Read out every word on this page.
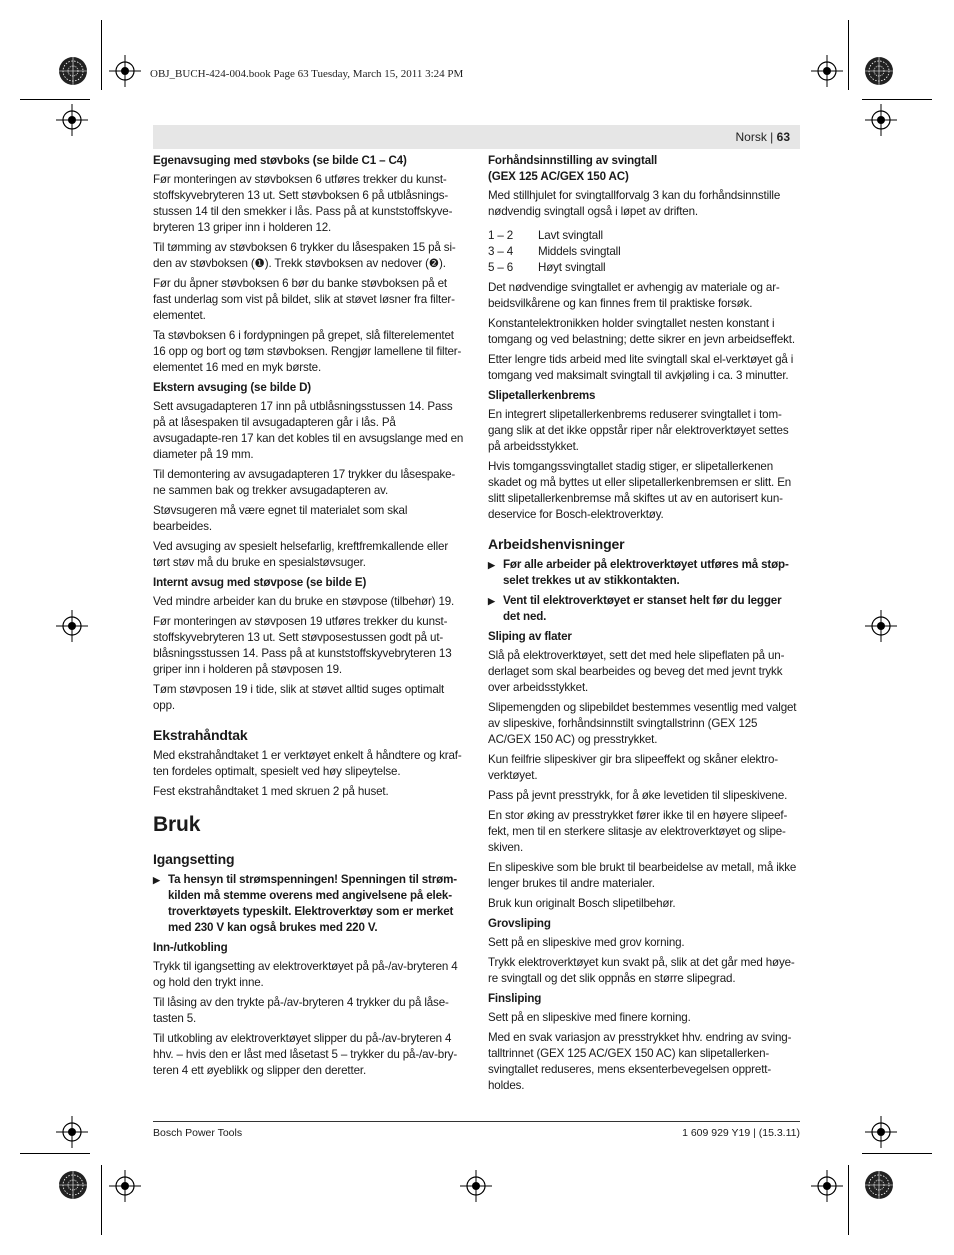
OBJ_BUCH-424-004.book Page 63 Tuesday, March 15, 2011 3:24 PM
Norsk | 63

Egenavsuging med støvboks (se bilde C1 – C4)

Før monteringen av støvboksen 6 utføres trekker du kunst-stoffskyvebryteren 13 ut. Sett støvboksen 6 på utblåsnings-stussen 14 til den smekker i lås. Pass på at kunststoffskyve-bryteren 13 griper inn i holderen 12.

Til tømming av støvboksen 6 trykker du låsespaken 15 på si-den av støvboksen (❶). Trekk støvboksen av nedover (❷).

Før du åpner støvboksen 6 bør du banke støvboksen på et fast underlag som vist på bildet, slik at støvet løsner fra filter-elementet.

Ta støvboksen 6 i fordypningen på grepet, slå filterelementet 16 opp og bort og tøm støvboksen. Rengjør lamellene til filter-elementet 16 med en myk børste.

Ekstern avsuging (se bilde D)

Sett avsugadapteren 17 inn på utblåsningsstussen 14. Pass på at låsespaken til avsugadapteren går i lås. På avsugadapte-ren 17 kan det kobles til en avsugslange med en diameter på 19 mm.

Til demontering av avsugadapteren 17 trykker du låsespake-ne sammen bak og trekker avsugadapteren av.

Støvsugeren må være egnet til materialet som skal bearbeides.

Ved avsuging av spesielt helsefarlig, kreftfremkallende eller tørt støv må du bruke en spesialstøvsuger.

Internt avsug med støvpose (se bilde E)

Ved mindre arbeider kan du bruke en støvpose (tilbehør) 19.

Før monteringen av støvposen 19 utføres trekker du kunst-stoffskyvebryteren 13 ut. Sett støvposestussen godt på ut-blåsningsstussen 14. Pass på at kunststoffskyvebryteren 13 griper inn i holderen på støvposen 19.

Tøm støvposen 19 i tide, slik at støvet alltid suges optimalt opp.

Ekstrahåndtak

Med ekstrahåndtaket 1 er verktøyet enkelt å håndtere og kraf-ten fordeles optimalt, spesielt ved høy slipeytelse.

Fest ekstrahåndtaket 1 med skruen 2 på huset.

Bruk
Igangsetting
▶ Ta hensyn til strømspenningen! Spenningen til strøm-kilden må stemme overens med angivelsene på elek-troverktøyets typeskilt. Elektroverktøy som er merket med 230 V kan også brukes med 220 V.

Inn-/utkobling

Trykk til igangsetting av elektroverktøyet på på-/av-bryteren 4 og hold den trykt inne.

Til låsing av den trykte på-/av-bryteren 4 trykker du på låse-tasten 5.

Til utkobling av elektroverktøyet slipper du på-/av-bryteren 4 hhv. – hvis den er låst med låsetast 5 – trykker du på-/av-bry-teren 4 ett øyeblikk og slipper den deretter.

Forhåndsinnstilling av svingtall
(GEX 125 AC/GEX 150 AC)

Med stillhjulet for svingtallforvalg 3 kan du forhåndsinnstille nødvendig svingtall også i løpet av driften.

1 – 2	Lavt svingtall
3 – 4	Middels svingtall
5 – 6	Høyt svingtall

Det nødvendige svingtallet er avhengig av materiale og ar-beidsvilkårene og kan finnes frem til praktiske forsøk.

Konstantelektronikken holder svingtallet nesten konstant i tomgang og ved belastning; dette sikrer en jevn arbeidseffekt.

Etter lengre tids arbeid med lite svingtall skal el-verktøyet gå i tomgang ved maksimalt svingtall til avkjøling i ca. 3 minutter.

Slipetallerkenbrems

En integrert slipetallerkenbrems reduserer svingtallet i tom-gang slik at det ikke oppstår riper når elektroverktøyet settes på arbeidsstykket.

Hvis tomgangssvingtallet stadig stiger, er slipetallerkenen skadet og må byttes ut eller slipetallerkenbremsen er slitt. En slitt slipetallerkenbremse må skiftes ut av en autorisert kun-deservice for Bosch-elektroverktøy.

Arbeidshenvisninger
▶ Før alle arbeider på elektroverktøyet utføres må støp-selet trekkes ut av stikkontakten.
▶ Vent til elektroverktøyet er stanset helt før du legger det ned.

Sliping av flater

Slå på elektroverktøyet, sett det med hele slipeflaten på un-derlaget som skal bearbeides og beveg det med jevnt trykk over arbeidsstykket.

Slipemengden og slipebildet bestemmes vesentlig med valget av slipeskive, forhåndsinnstilt svingtallstrinn (GEX 125 AC/GEX 150 AC) og presstrykket.

Kun feilfrie slipeskiver gir bra slipeeffekt og skåner elektro-verktøyet.

Pass på jevnt presstrykk, for å øke levetiden til slipeskivene.

En stor øking av presstrykket fører ikke til en høyere slipeef-fekt, men til en sterkere slitasje av elektroverktøyet og slipe-skiven.

En slipeskive som ble brukt til bearbeidelse av metall, må ikke lenger brukes til andre materialer.

Bruk kun originalt Bosch slipetilbehør.

Grovsliping

Sett på en slipeskive med grov korning.

Trykk elektroverktøyet kun svakt på, slik at det går med høye-re svingtall og det slik oppnås en større slipegrad.

Finsliping

Sett på en slipeskive med finere korning.

Med en svak variasjon av presstrykket hhv. endring av sving-talltrinnet (GEX 125 AC/GEX 150 AC) kan slipetallerken-svingtallet reduseres, mens eksenterbevegelsen opprett-holdes.

Bosch Power Tools	1 609 929 Y19 | (15.3.11)
